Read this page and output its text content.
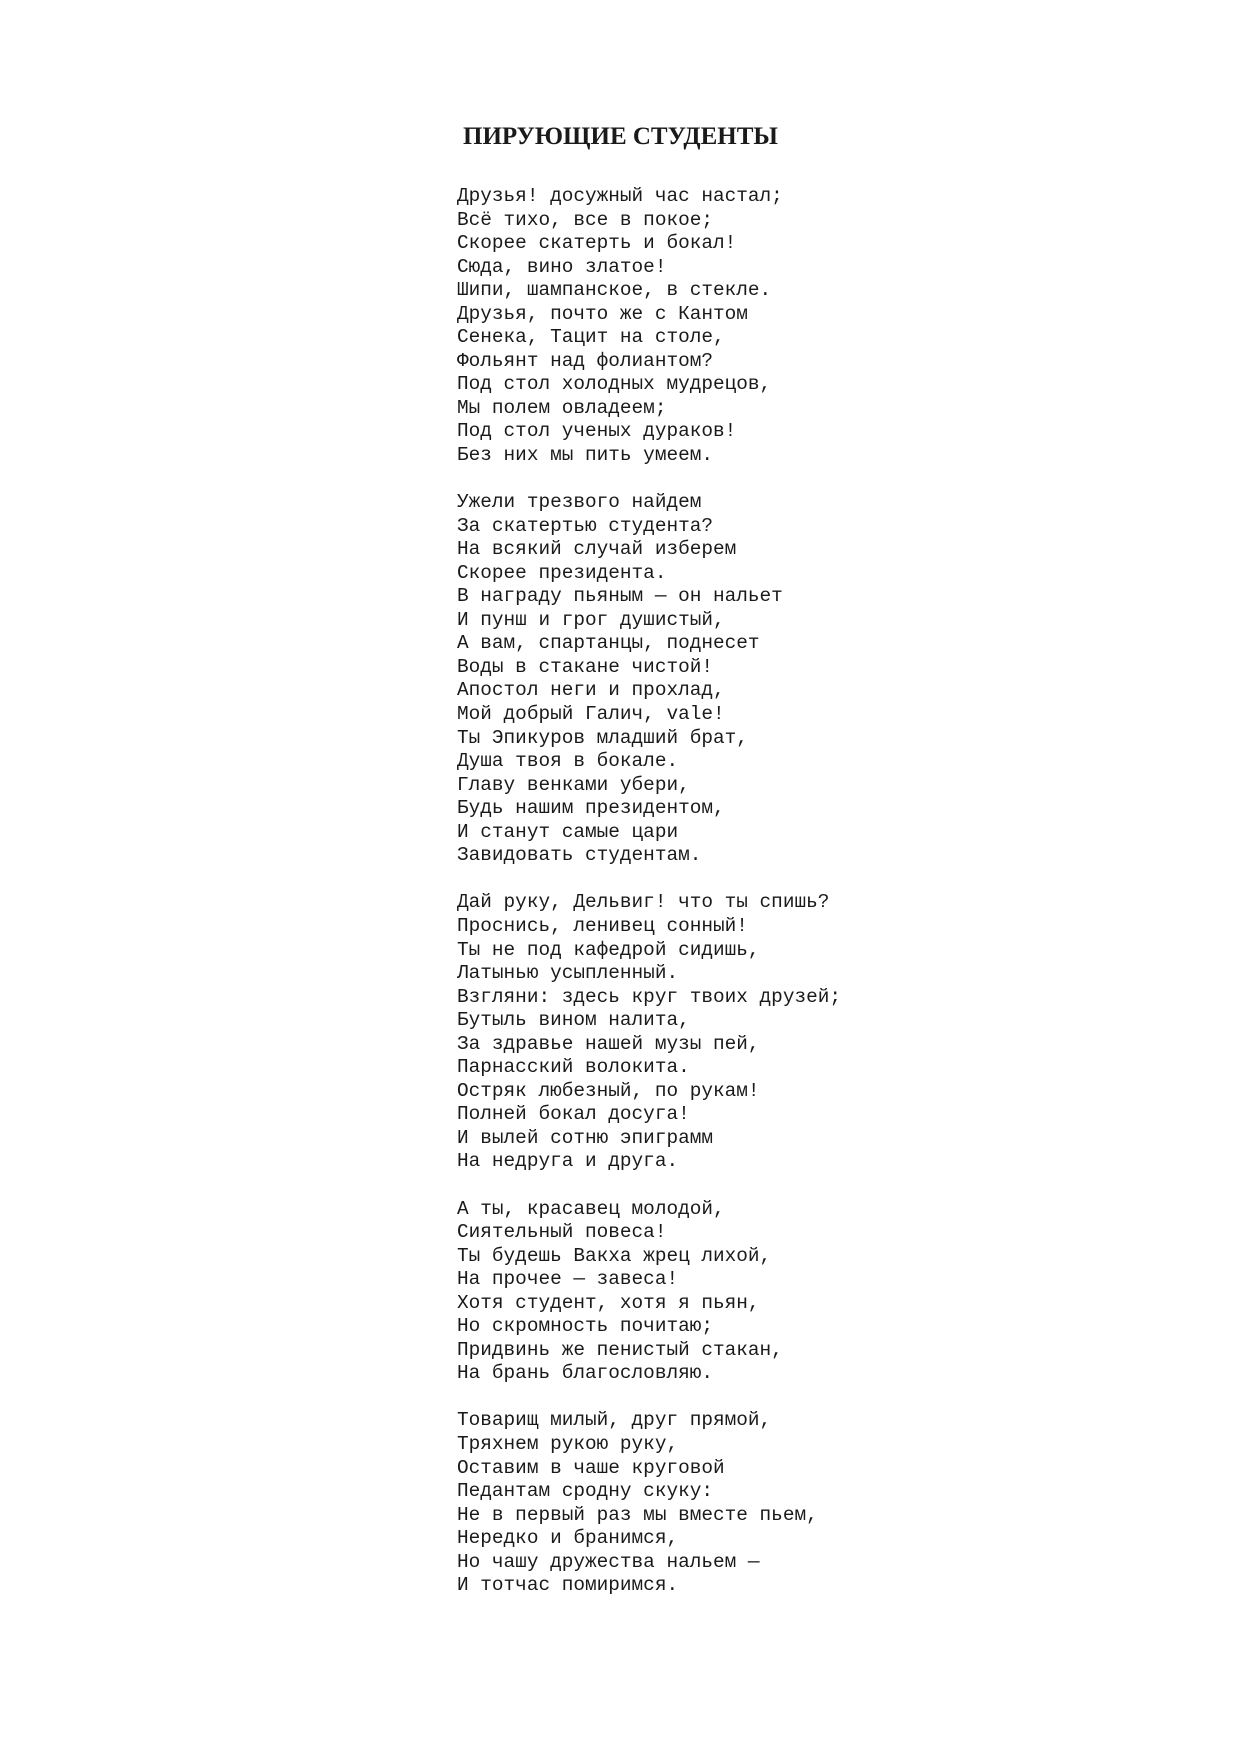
ПИРУЮЩИЕ СТУДЕНТЫ
Друзья! досужный час настал;
Всё тихо, все в покое;
Скорее скатерть и бокал!
Сюда, вино златое!
Шипи, шампанское, в стекле.
Друзья, почто же с Кантом
Сенека, Тацит на столе,
Фольянт над фолиантом?
Под стол холодных мудрецов,
Мы полем овладеем;
Под стол ученых дураков!
Без них мы пить умеем.
Ужели трезвого найдем
За скатертью студента?
На всякий случай изберем
Скорее президента.
В награду пьяным — он нальет
И пунш и грог душистый,
А вам, спартанцы, поднесет
Воды в стакане чистой!
Апостол неги и прохлад,
Мой добрый Галич, vale!
Ты Эпикуров младший брат,
Душа твоя в бокале.
Главу венками убери,
Будь нашим президентом,
И станут самые цари
Завидовать студентам.
Дай руку, Дельвиг! что ты спишь?
Проснись, ленивец сонный!
Ты не под кафедрой сидишь,
Латынью усыпленный.
Взгляни: здесь круг твоих друзей;
Бутыль вином налита,
За здравье нашей музы пей,
Парнасский волокита.
Остряк любезный, по рукам!
Полней бокал досуга!
И вылей сотню эпиграмм
На недруга и друга.
А ты, красавец молодой,
Сиятельный повеса!
Ты будешь Вакха жрец лихой,
На прочее — завеса!
Хотя студент, хотя я пьян,
Но скромность почитаю;
Придвинь же пенистый стакан,
На брань благословляю.
Товарищ милый, друг прямой,
Тряхнем рукою руку,
Оставим в чаше круговой
Педантам сродну скуку:
Не в первый раз мы вместе пьем,
Нередко и бранимся,
Но чашу дружества нальем —
И тотчас помиримся.
